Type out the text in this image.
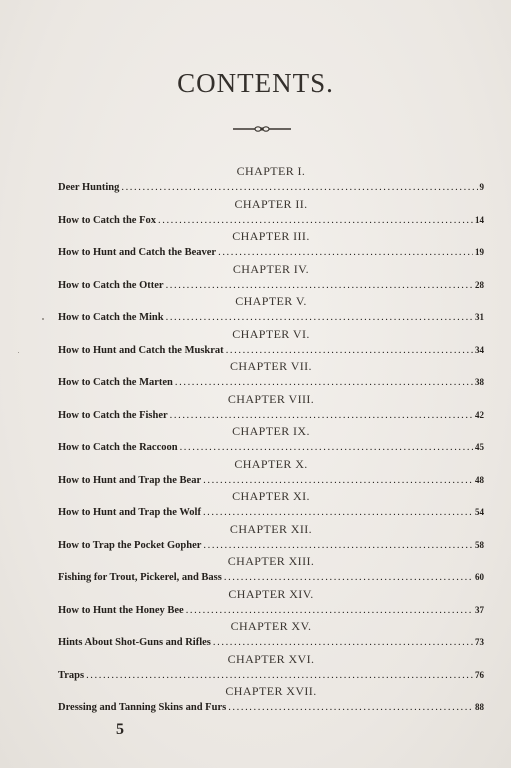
CONTENTS.
CHAPTER I.
Deer Hunting .....	9
CHAPTER II.
How to Catch the Fox .....	14
CHAPTER III.
How to Hunt and Catch the Beaver .....	19
CHAPTER IV.
How to Catch the Otter .....	28
CHAPTER V.
How to Catch the Mink .....	31
CHAPTER VI.
How to Hunt and Catch the Muskrat .....	34
CHAPTER VII.
How to Catch the Marten .....	38
CHAPTER VIII.
How to Catch the Fisher .....	42
CHAPTER IX.
How to Catch the Raccoon .....	45
CHAPTER X.
How to Hunt and Trap the Bear .....	48
CHAPTER XI.
How to Hunt and Trap the Wolf .....	54
CHAPTER XII.
How to Trap the Pocket Gopher .....	58
CHAPTER XIII.
Fishing for Trout, Pickerel, and Bass .....	60
CHAPTER XIV.
How to Hunt the Honey Bee .....	37
CHAPTER XV.
Hints About Shot-Guns and Rifles .....	73
CHAPTER XVI.
Traps .....	76
CHAPTER XVII.
Dressing and Tanning Skins and Furs .....	88
5
